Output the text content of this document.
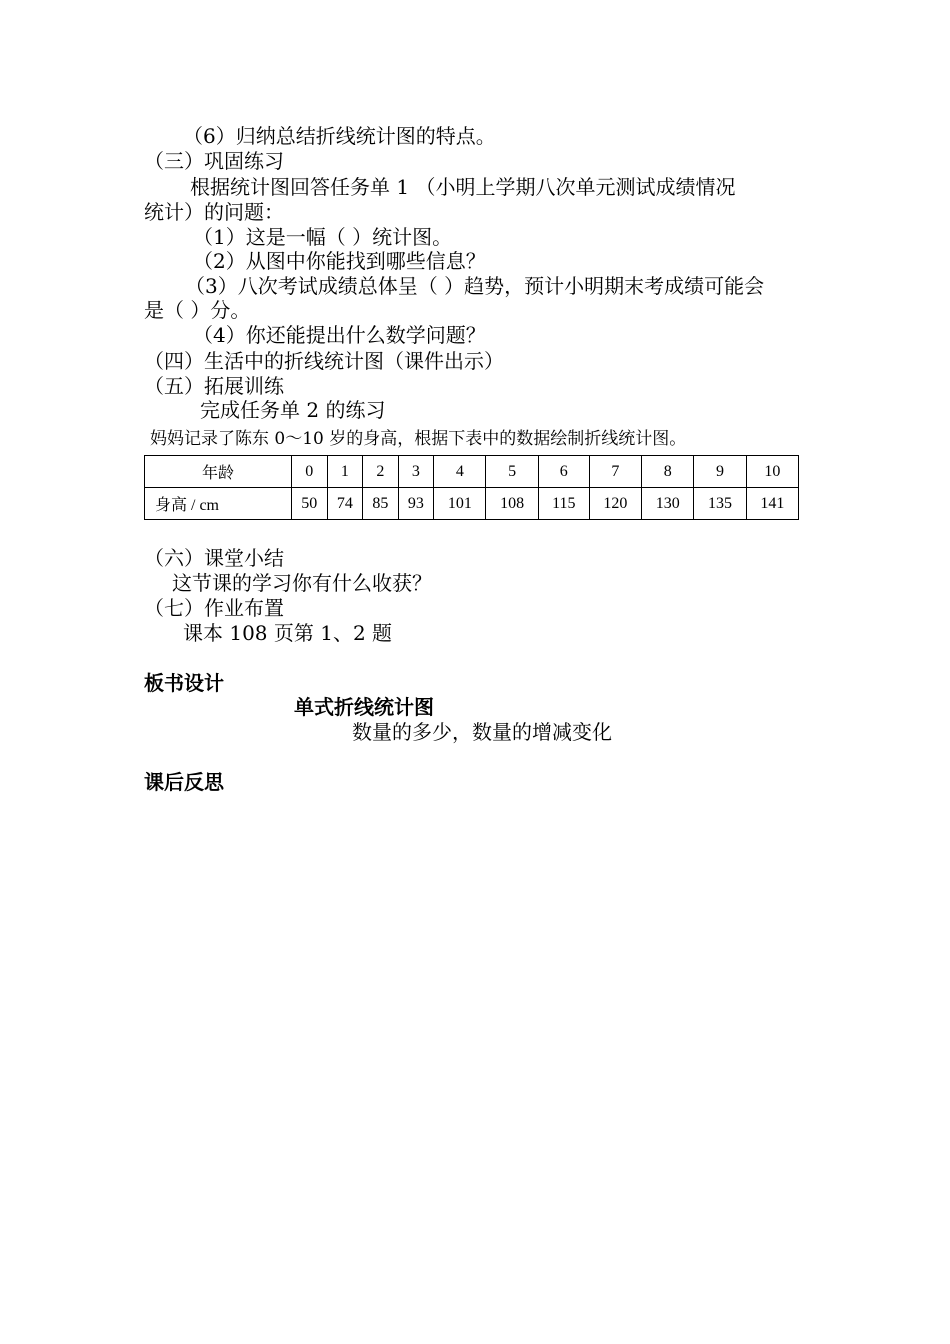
（6）归纳总结折线统计图的特点。
（三）巩固练习
根据统计图回答任务单 1 （小明上学期八次单元测试成绩情况
统计）的问题：
（1）这是一幅（ ）统计图。
（2）从图中你能找到哪些信息？
（3）八次考试成绩总体呈（ ）趋势，预计小明期末考成绩可能会
是（ ）分。
（4）你还能提出什么数学问题？
（四）生活中的折线统计图（课件出示）
（五）拓展训练
完成任务单 2 的练习
妈妈记录了陈东 0～10 岁的身高，根据下表中的数据绘制折线统计图。
年龄	0	1	2	3	4	5	6	7	8	9	10
身高 / cm	50	74	85	93	101	108	115	120	130	135	141
（六）课堂小结
这节课的学习你有什么收获？
（七）作业布置
课本 108 页第 1、2 题
板书设计
单式折线统计图
数量的多少，数量的增减变化
课后反思
